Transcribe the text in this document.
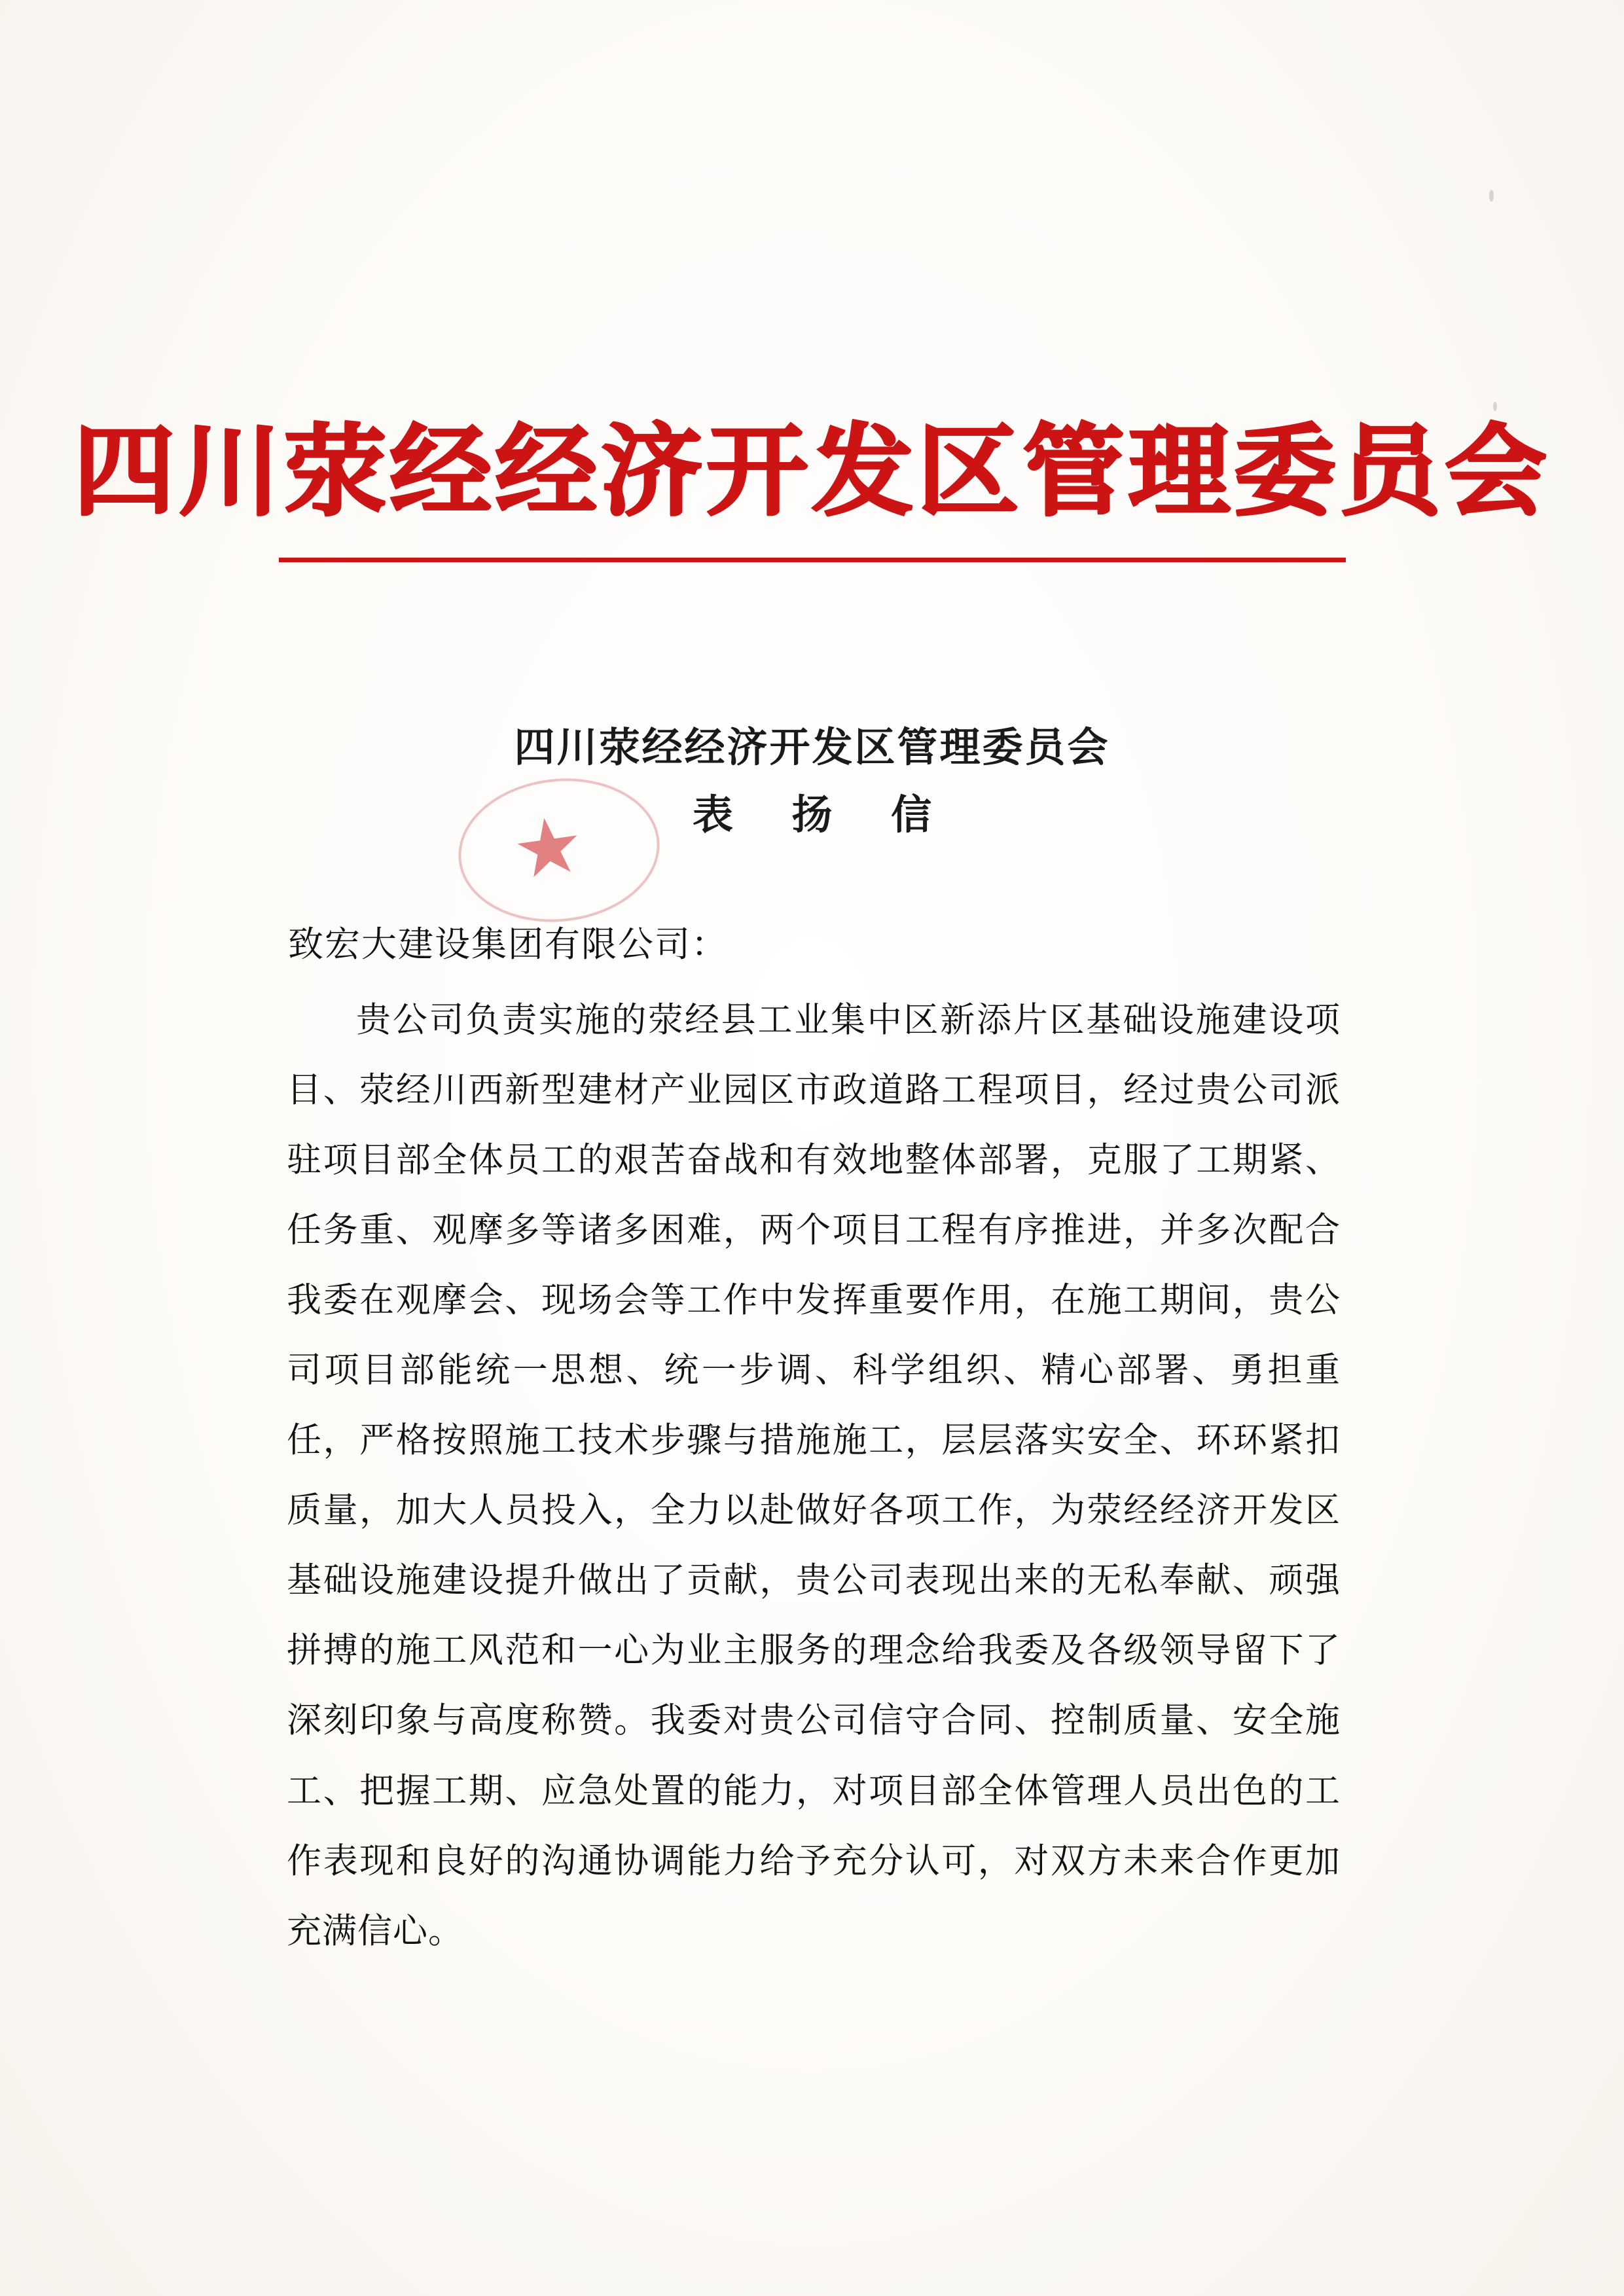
四川荥经经济开发区管理委员会
四川荥经经济开发区管理委员会
表 扬 信
★
致宏大建设集团有限公司：

贵公司负责实施的荥经县工业集中区新添片区基础设施建设项目、荥经川西新型建材产业园区市政道路工程项目，经过贵公司派驻项目部全体员工的艰苦奋战和有效地整体部署，克服了工期紧、任务重、观摩多等诸多困难，两个项目工程有序推进，并多次配合我委在观摩会、现场会等工作中发挥重要作用，在施工期间，贵公司项目部能统一思想、统一步调、科学组织、精心部署、勇担重任，严格按照施工技术步骤与措施施工，层层落实安全、环环紧扣质量，加大人员投入，全力以赴做好各项工作，为荥经经济开发区基础设施建设提升做出了贡献，贵公司表现出来的无私奉献、顽强拼搏的施工风范和一心为业主服务的理念给我委及各级领导留下了深刻印象与高度称赞。我委对贵公司信守合同、控制质量、安全施工、把握工期、应急处置的能力，对项目部全体管理人员出色的工作表现和良好的沟通协调能力给予充分认可，对双方未来合作更加充满信心。
